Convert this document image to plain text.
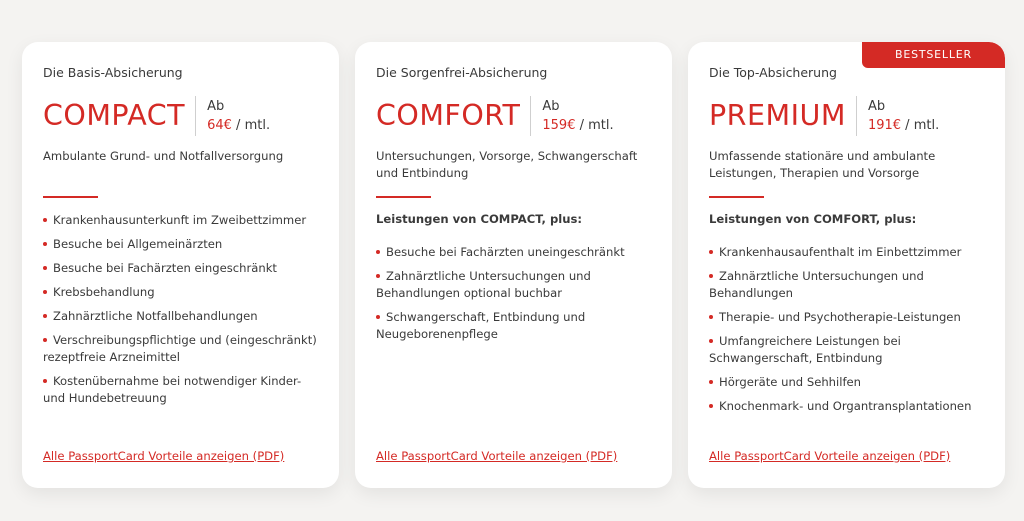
Die Basis-Absicherung
COMPACT Ab
64€ / mtl.
Ambulante Grund- und Notfallversorgung
Krankenhausunterkunft im Zweibettzimmer
Besuche bei Allgemeinärzten
Besuche bei Fachärzten eingeschränkt
Krebsbehandlung
Zahnärztliche Notfallbehandlungen
Verschreibungspflichtige und (eingeschränkt) rezeptfreie Arzneimittel
Kostenübernahme bei notwendiger Kinder- und Hundebetreuung
Alle PassportCard Vorteile anzeigen (PDF)
Die Sorgenfrei-Absicherung
COMFORT Ab
159€ / mtl.
Untersuchungen, Vorsorge, Schwangerschaft und Entbindung
Leistungen von COMPACT, plus:
Besuche bei Fachärzten uneingeschränkt
Zahnärztliche Untersuchungen und Behandlungen optional buchbar
Schwangerschaft, Entbindung und Neugeborenenpflege
Alle PassportCard Vorteile anzeigen (PDF)
BESTSELLER
Die Top-Absicherung
PREMIUM Ab
191€ / mtl.
Umfassende stationäre und ambulante Leistungen, Therapien und Vorsorge
Leistungen von COMFORT, plus:
Krankenhausaufenthalt im Einbettzimmer
Zahnärztliche Untersuchungen und Behandlungen
Therapie- und Psychotherapie-Leistungen
Umfangreichere Leistungen bei Schwangerschaft, Entbindung
Hörgeräte und Sehhilfen
Knochenmark- und Organtransplantationen
Alle PassportCard Vorteile anzeigen (PDF)
